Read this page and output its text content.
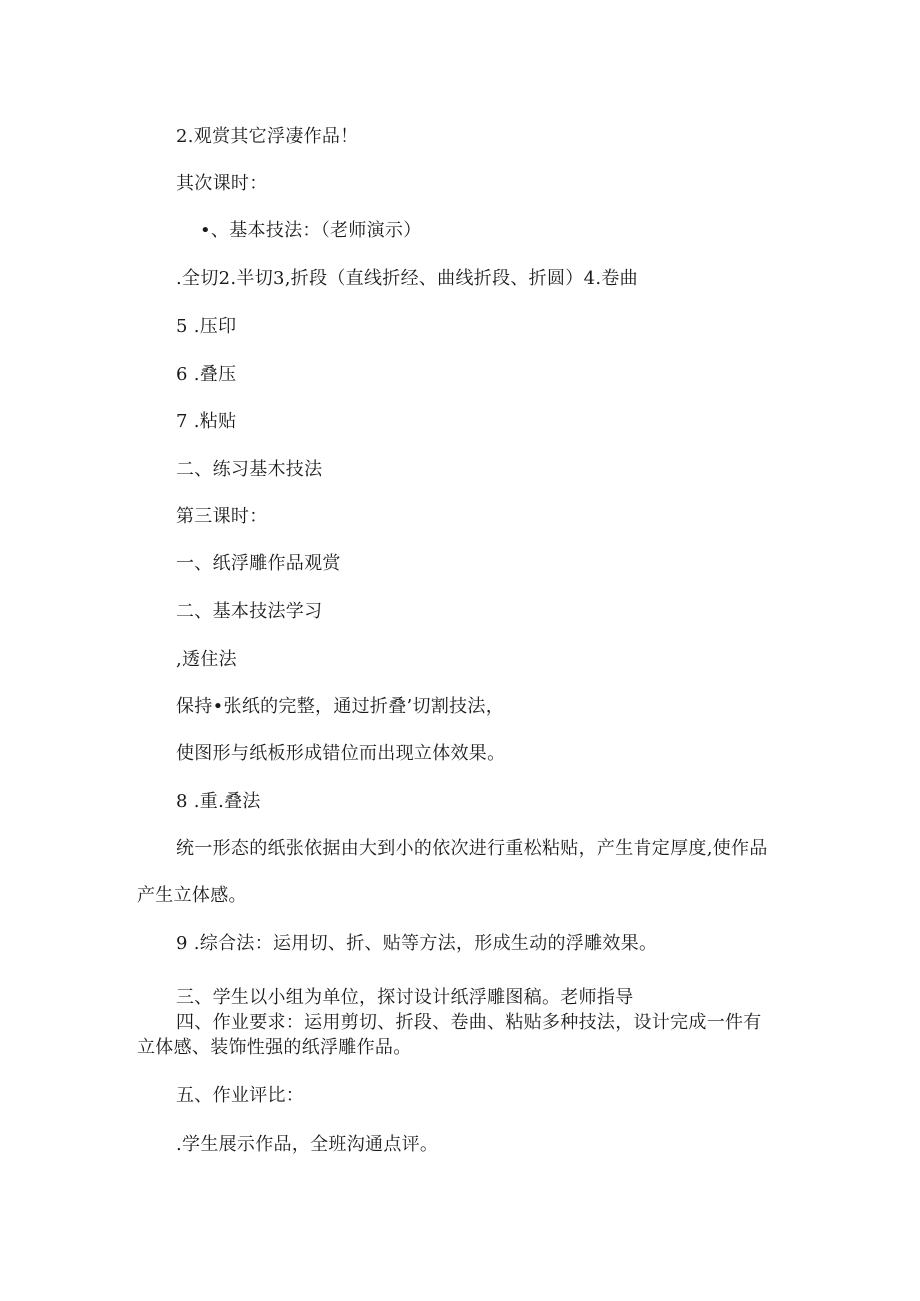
2.观赏其它浮凄作品！
其次课时：
•、基本技法：（老师演示）
.全切2.半切3,折段（直线折经、曲线折段、折圆）4.卷曲
5 .压印
6 .叠压
7 .粘贴
二、练习基木技法
第三课时：
一、纸浮雕作品观赏
二、基本技法学习
,透住法
保持•张纸的完整，通过折叠’切割技法，
使图形与纸板形成错位而出现立体效果。
8 .重.叠法
统一形态的纸张依据由大到小的依次进行重松粘贴，产生肯定厚度,使作品
产生立体感。
9 .综合法：运用切、折、贴等方法，形成生动的浮雕效果。
三、学生以小组为单位，探讨设计纸浮雕图稿。老师指导
四、作业要求：运用剪切、折段、卷曲、粘贴多种技法，设计完成一件有
立体感、装饰性强的纸浮雕作品。
五、作业评比：
.学生展示作品，全班沟通点评。
